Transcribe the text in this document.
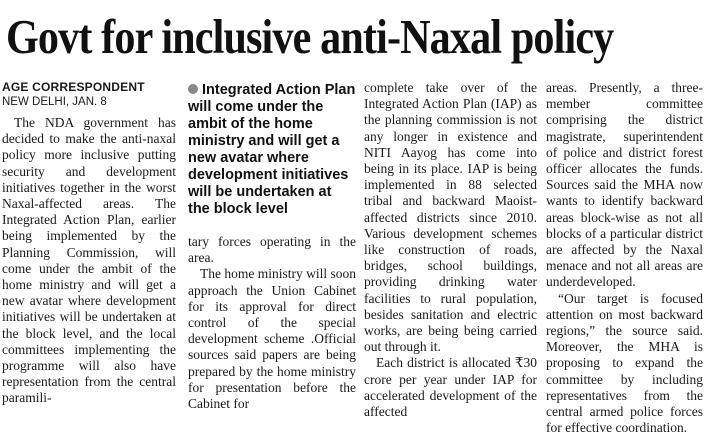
Govt for inclusive anti-Naxal policy
AGE CORRESPONDENT
NEW DELHI, JAN. 8

The NDA government has decided to make the anti-naxal policy more inclusive putting security and development initiatives together in the worst Naxal-affected areas. The Integrated Action Plan, earlier being implemented by the Planning Commission, will come under the ambit of the home ministry and will get a new avatar where development initiatives will be undertaken at the block level, and the local committees implementing the programme will also have representation from the central paramili-

Integrated Action Plan will come under the ambit of the home ministry and will get a new avatar where development initiatives will be undertaken at the block level

tary forces operating in the area.

The home ministry will soon approach the Union Cabinet for its approval for direct control of the special development scheme .Official sources said papers are being prepared by the home ministry for presentation before the Cabinet for

complete take over of the Integrated Action Plan (IAP) as the planning commission is not any longer in existence and NITI Aayog has come into being in its place. IAP is being implemented in 88 selected tribal and backward Maoist-affected districts since 2010. Various development schemes like construction of roads, bridges, school buildings, providing drinking water facilities to rural population, besides sanitation and electric works, are being being carried out through it.

Each district is allocated ₹30 crore per year under IAP for accelerated development of the affected

areas. Presently, a three-member committee comprising the district magistrate, superintendent of police and district forest officer allocates the funds. Sources said the MHA now wants to identify backward areas block-wise as not all blocks of a particular district are affected by the Naxal menace and not all areas are underdeveloped.

“Our target is focused attention on most backward regions,” the source said. Moreover, the MHA is proposing to expand the committee by including representatives from the central armed police forces for effective coordination.
